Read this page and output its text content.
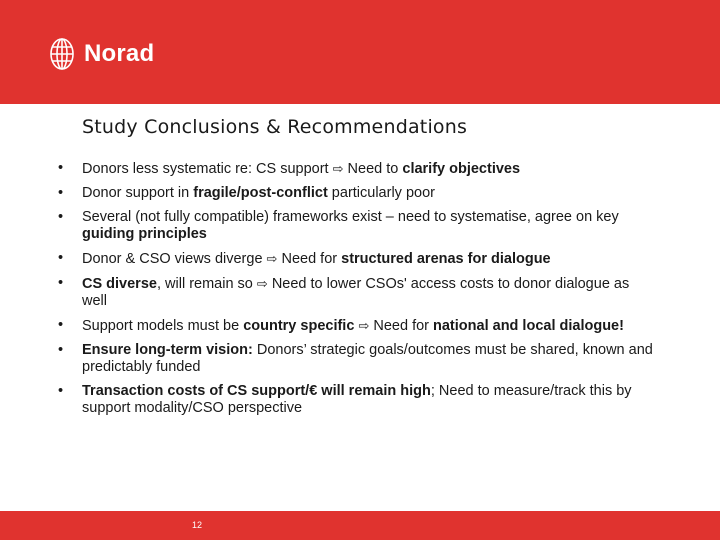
Norad
Study Conclusions & Recommendations
• Donors less systematic re: CS support ⇨ Need to clarify objectives
• Donor support in fragile/post-conflict particularly poor
• Several (not fully compatible) frameworks exist – need to systematise, agree on key guiding principles
• Donor & CSO views diverge ⇨ Need for structured arenas for dialogue
• CS diverse, will remain so ⇨ Need to lower CSOs' access costs to donor dialogue as well
• Support models must be country specific ⇨ Need for national and local dialogue!
• Ensure long-term vision: Donors’ strategic goals/outcomes must be shared, known and predictably funded
• Transaction costs of CS support/€ will remain high; Need to measure/track this by support modality/CSO perspective
12
